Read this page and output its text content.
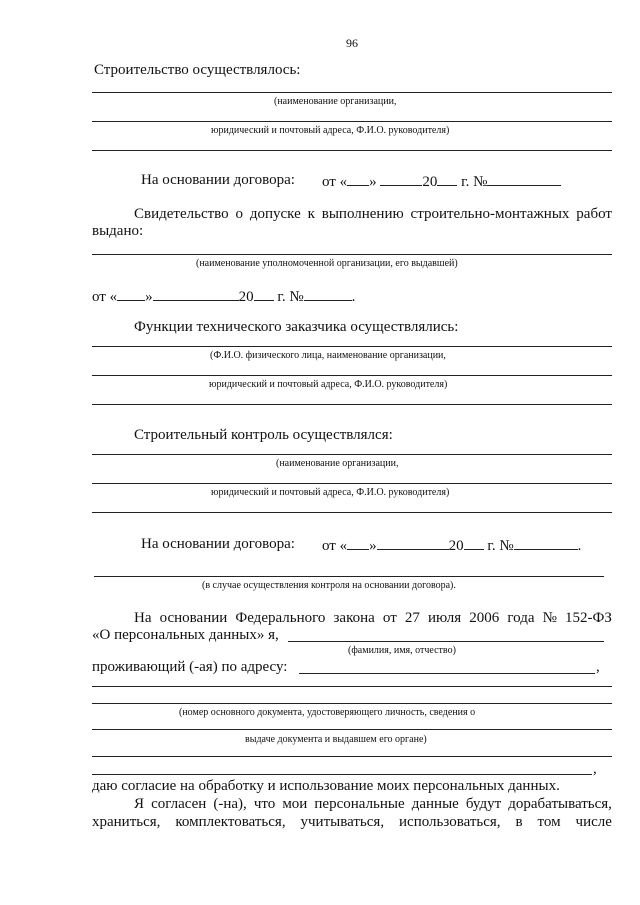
96
Строительство осуществлялось:
(наименование организации,
юридический и почтовый адреса, Ф.И.О. руководителя)
На основании договора: от « »	20 г. №
Свидетельство о допуске к выполнению строительно-монтажных работ
выдано:
(наименование уполномоченной организации, его выдавшей)
от « »	20 г. №	.
Функции технического заказчика осуществлялись:
(Ф.И.О. физического лица, наименование организации,
юридический и почтовый адреса, Ф.И.О. руководителя)
Строительный контроль осуществлялся:
(наименование организации,
юридический и почтовый адреса, Ф.И.О. руководителя)
На основании договора: от « »	20 г. №	.
(в случае осуществления контроля на основании договора).
На основании Федерального закона от 27 июля 2006 года № 152-ФЗ
«О персональных данных» я,
(фамилия, имя, отчество)
проживающий (-ая) по адресу:	,
(номер основного документа, удостоверяющего личность, сведения о
выдаче документа и выдавшем его органе)
,
даю согласие на обработку и использование моих персональных данных.
Я согласен (-на), что мои персональные данные будут дорабатываться,
храниться, комплектоваться, учитываться, использоваться, в том числе
